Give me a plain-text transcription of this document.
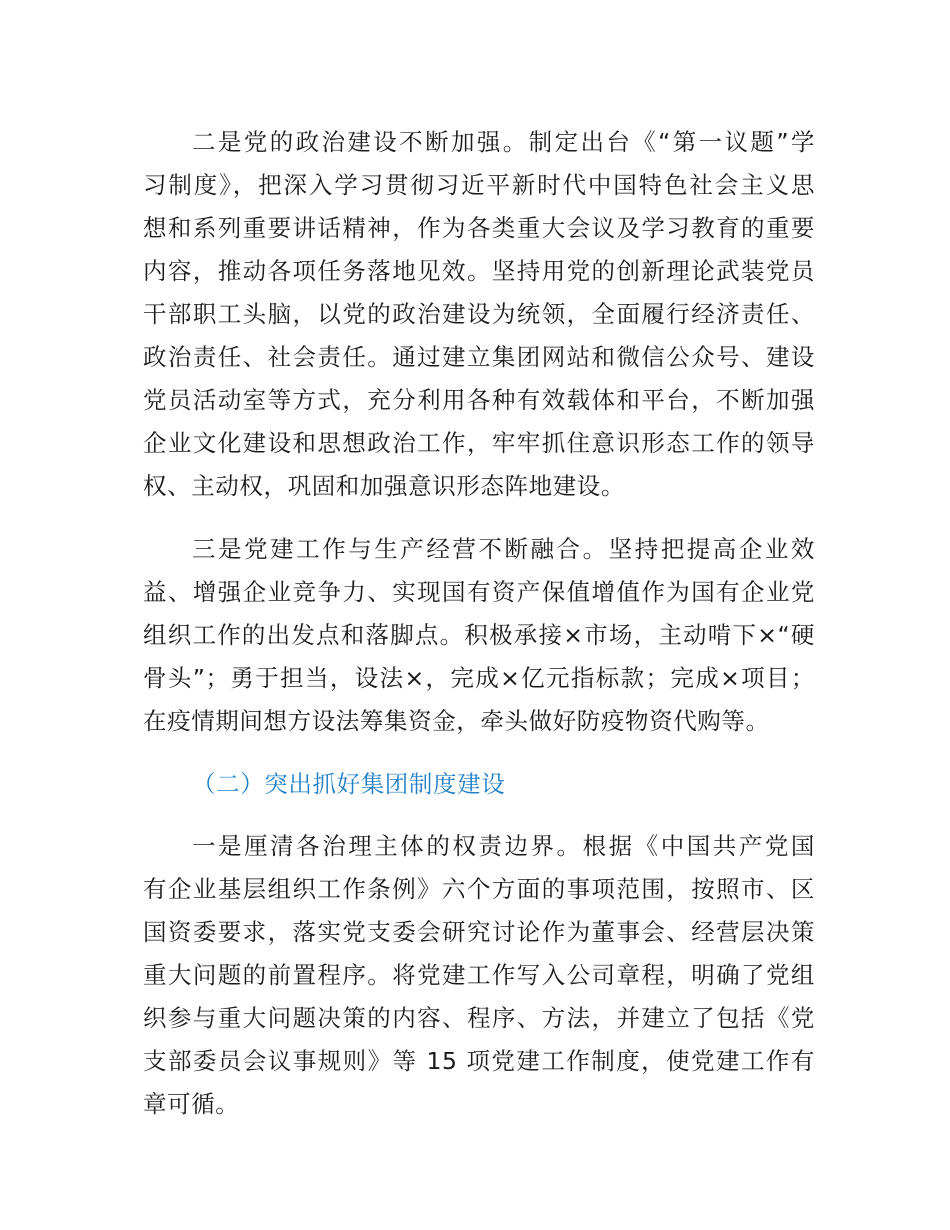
二是党的政治建设不断加强。制定出台《“第一议题”学
习制度》，把深入学习贯彻习近平新时代中国特色社会主义思
想和系列重要讲话精神，作为各类重大会议及学习教育的重要
内容，推动各项任务落地见效。坚持用党的创新理论武装党员
干部职工头脑，以党的政治建设为统领，全面履行经济责任、
政治责任、社会责任。通过建立集团网站和微信公众号、建设
党员活动室等方式，充分利用各种有效载体和平台，不断加强
企业文化建设和思想政治工作，牢牢抓住意识形态工作的领导
权、主动权，巩固和加强意识形态阵地建设。
三是党建工作与生产经营不断融合。坚持把提高企业效
益、增强企业竞争力、实现国有资产保值增值作为国有企业党
组织工作的出发点和落脚点。积极承接×市场，主动啃下×“硬
骨头”；勇于担当，设法×，完成×亿元指标款；完成×项目；
在疫情期间想方设法筹集资金，牵头做好防疫物资代购等。
（二）突出抓好集团制度建设
一是厘清各治理主体的权责边界。根据《中国共产党国
有企业基层组织工作条例》六个方面的事项范围，按照市、区
国资委要求，落实党支委会研究讨论作为董事会、经营层决策
重大问题的前置程序。将党建工作写入公司章程，明确了党组
织参与重大问题决策的内容、程序、方法，并建立了包括《党
支部委员会议事规则》等 15 项党建工作制度，使党建工作有
章可循。
